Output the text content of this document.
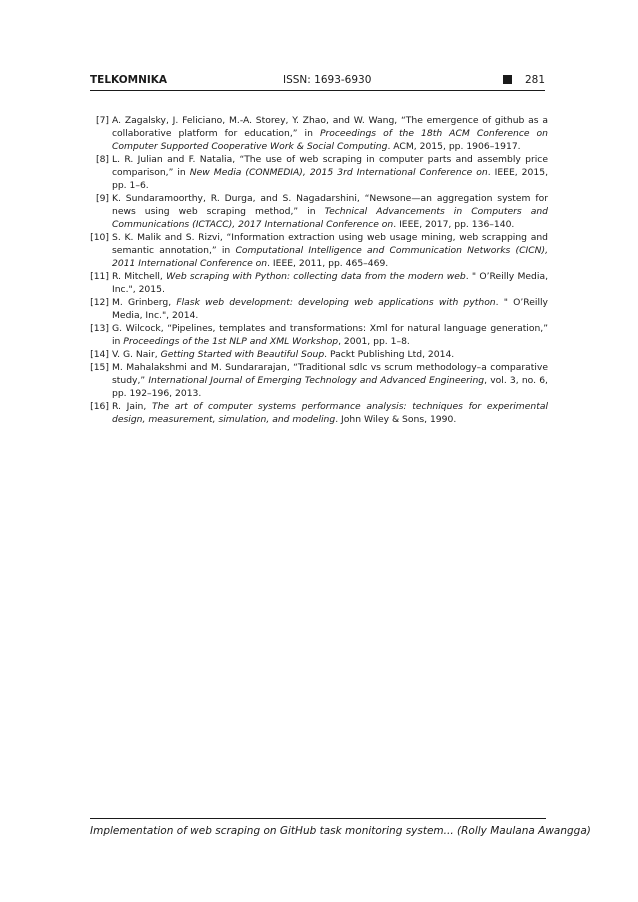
TELKOMNIKA	ISSN: 1693-6930	281
[7] A. Zagalsky, J. Feliciano, M.-A. Storey, Y. Zhao, and W. Wang, “The emergence of github as a collaborative platform for education,” in Proceedings of the 18th ACM Conference on Computer Supported Cooperative Work & Social Computing. ACM, 2015, pp. 1906–1917.
[8] L. R. Julian and F. Natalia, “The use of web scraping in computer parts and assembly price comparison,” in New Media (CONMEDIA), 2015 3rd International Conference on. IEEE, 2015, pp. 1–6.
[9] K. Sundaramoorthy, R. Durga, and S. Nagadarshini, “Newsone—an aggregation system for news using web scraping method,” in Technical Advancements in Computers and Communications (ICTACC), 2017 International Conference on. IEEE, 2017, pp. 136–140.
[10] S. K. Malik and S. Rizvi, “Information extraction using web usage mining, web scrapping and semantic annotation,” in Computational Intelligence and Communication Networks (CICN), 2011 International Conference on. IEEE, 2011, pp. 465–469.
[11] R. Mitchell, Web scraping with Python: collecting data from the modern web. " O’Reilly Media, Inc.", 2015.
[12] M. Grinberg, Flask web development: developing web applications with python. " O’Reilly Media, Inc.", 2014.
[13] G. Wilcock, “Pipelines, templates and transformations: Xml for natural language generation,” in Proceedings of the 1st NLP and XML Workshop, 2001, pp. 1–8.
[14] V. G. Nair, Getting Started with Beautiful Soup. Packt Publishing Ltd, 2014.
[15] M. Mahalakshmi and M. Sundararajan, “Traditional sdlc vs scrum methodology–a comparative study,” International Journal of Emerging Technology and Advanced Engineering, vol. 3, no. 6, pp. 192–196, 2013.
[16] R. Jain, The art of computer systems performance analysis: techniques for experimental design, measurement, simulation, and modeling. John Wiley & Sons, 1990.
Implementation of web scraping on GitHub task monitoring system... (Rolly Maulana Awangga)
